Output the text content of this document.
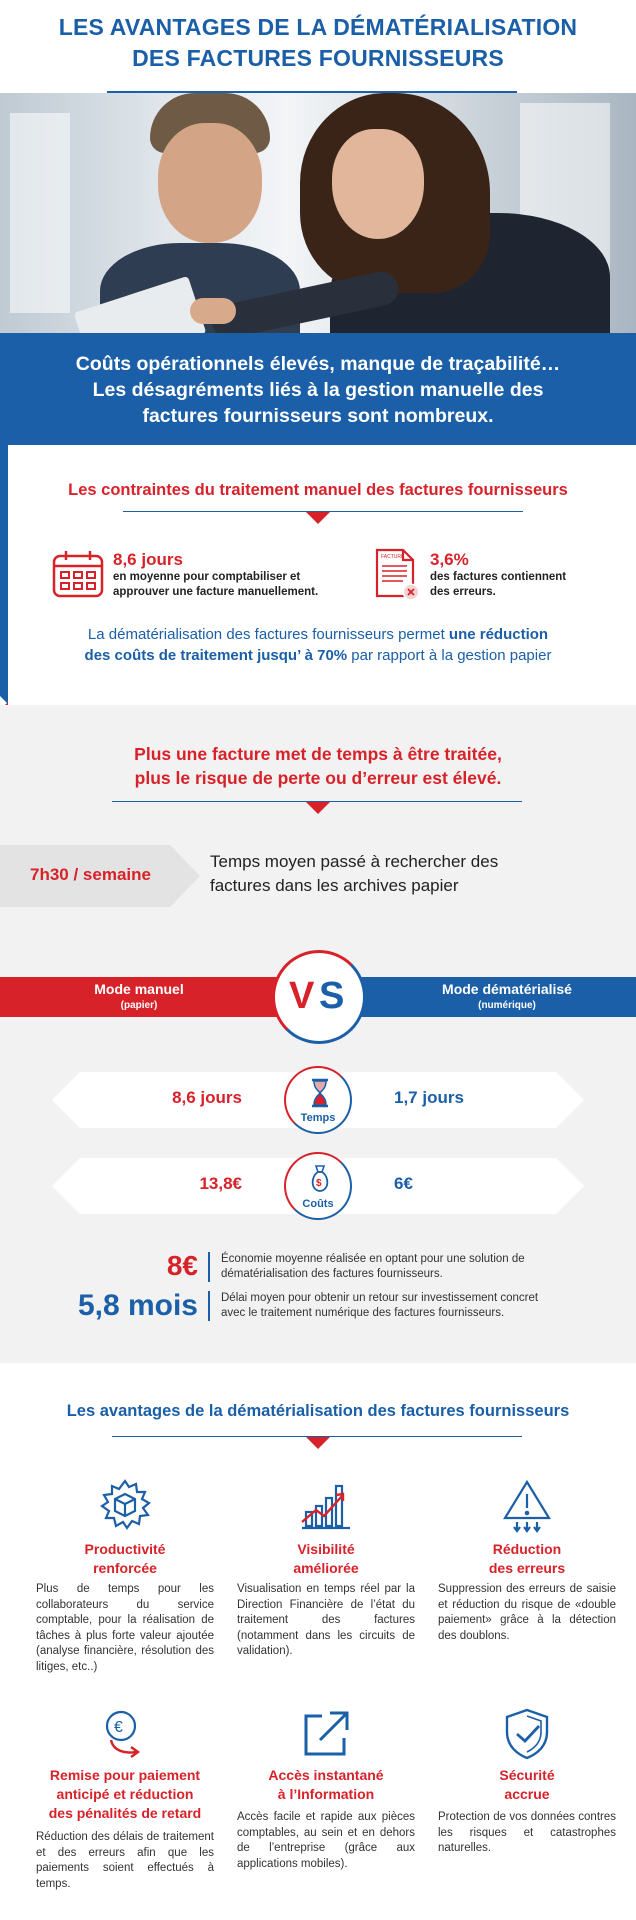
LES AVANTAGES DE LA DÉMATÉRIALISATION
DES FACTURES FOURNISSEURS

Coûts opérationnels élevés, manque de traçabilité…
Les désagréments liés à la gestion manuelle des
factures fournisseurs sont nombreux.

Les contraintes du traitement manuel des factures fournisseurs
8,6 jours
en moyenne pour comptabiliser et
approuver une facture manuellement.
FACTURE 3,6%
des factures contiennent
des erreurs.
La dématérialisation des factures fournisseurs permet une réduction
des coûts de traitement jusqu’ à 70% par rapport à la gestion papier
Plus une facture met de temps à être traitée,
plus le risque de perte ou d’erreur est élevé.
7h30 / semaine
Temps moyen passé à rechercher des
factures dans les archives papier
Mode manuel
(papier)
Mode dématérialisé
(numérique)
V S
8,6 jours	1,7 jours
Temps
13,8€	6€
$
Coûts
8€ Économie moyenne réalisée en optant pour une solution de
dématérialisation des factures fournisseurs.
5,8 mois Délai moyen pour obtenir un retour sur investissement concret
avec le traitement numérique des factures fournisseurs.
Les avantages de la dématérialisation des factures fournisseurs
Productivité
renforcée
Plus de temps pour les collaborateurs du service comptable, pour la réalisation de tâches à plus forte valeur ajoutée (analyse financière, résolution des litiges, etc..)
Visibilité
améliorée
Visualisation en temps réel par la Direction Financière de l’état du traitement des factures (notamment dans les circuits de validation).
Réduction
des erreurs
Suppression des erreurs de saisie et réduction du risque de «double paiement» grâce à la détection des doublons.
€
Remise pour paiement
anticipé et réduction
des pénalités de retard
Réduction des délais de traitement et des erreurs afin que les paiements soient effectués à temps.
Accès instantané
à l’Information
Accès facile et rapide aux pièces comptables, au sein et en dehors de l’entreprise (grâce aux applications mobiles).
Sécurité
accrue
Protection de vos données contres les risques et catastrophes naturelles.
